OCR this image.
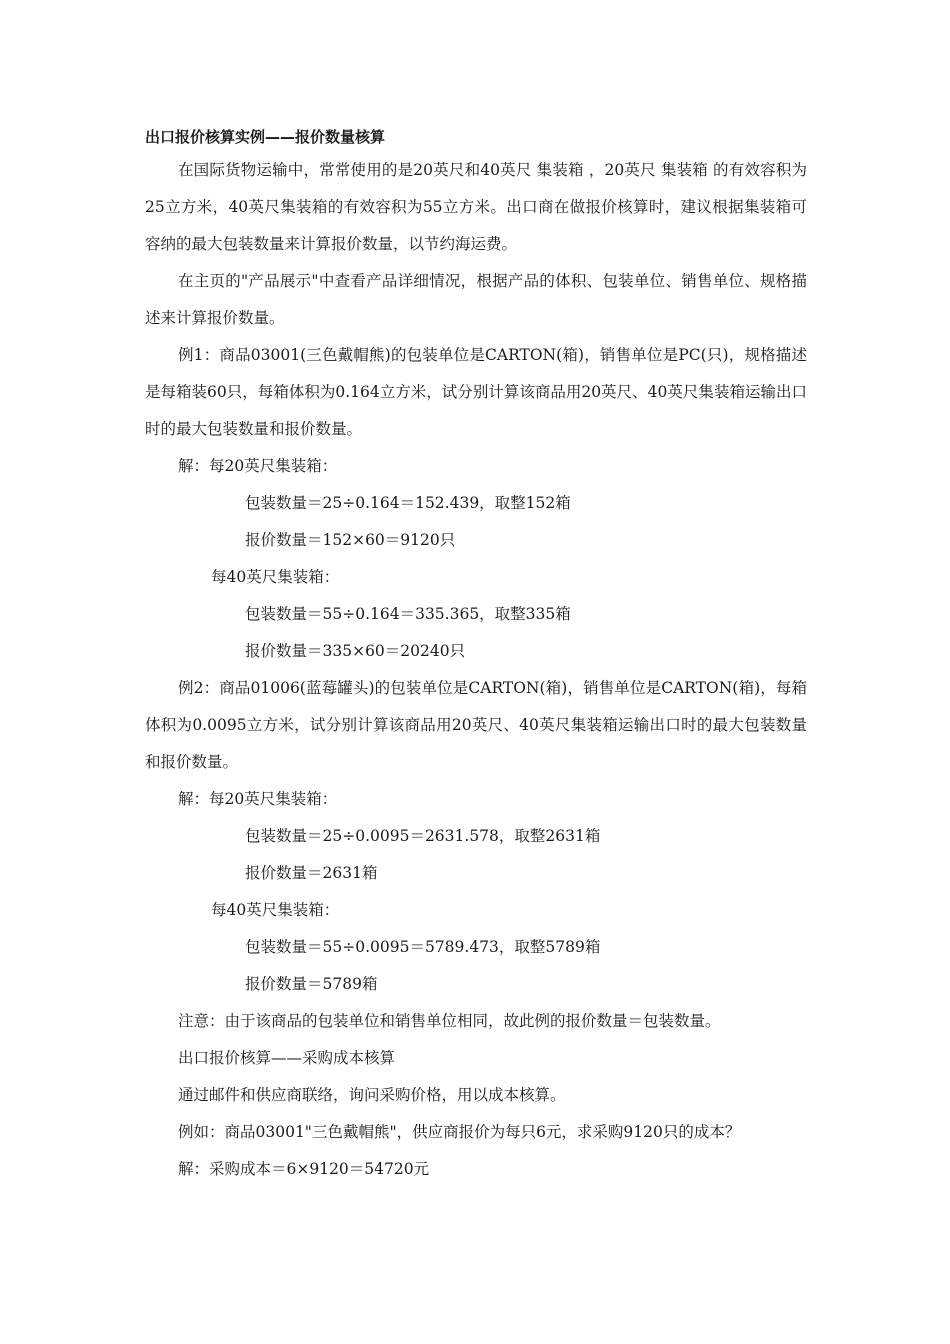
出口报价核算实例——报价数量核算

在国际货物运输中，常常使用的是20英尺和40英尺 集装箱 ，20英尺 集装箱 的有效容积为25立方米，40英尺集装箱的有效容积为55立方米。出口商在做报价核算时，建议根据集装箱可容纳的最大包装数量来计算报价数量，以节约海运费。

在主页的"产品展示"中查看产品详细情况，根据产品的体积、包装单位、销售单位、规格描述来计算报价数量。

例1：商品03001(三色戴帽熊)的包装单位是CARTON(箱)，销售单位是PC(只)，规格描述是每箱装60只，每箱体积为0.164立方米，试分别计算该商品用20英尺、40英尺集装箱运输出口时的最大包装数量和报价数量。

解：每20英尺集装箱：
包装数量＝25÷0.164＝152.439，取整152箱
报价数量＝152×60＝9120只
每40英尺集装箱：
包装数量＝55÷0.164＝335.365，取整335箱
报价数量＝335×60＝20240只

例2：商品01006(蓝莓罐头)的包装单位是CARTON(箱)，销售单位是CARTON(箱)，每箱体积为0.0095立方米，试分别计算该商品用20英尺、40英尺集装箱运输出口时的最大包装数量和报价数量。

解：每20英尺集装箱：
包装数量＝25÷0.0095＝2631.578，取整2631箱
报价数量＝2631箱
每40英尺集装箱：
包装数量＝55÷0.0095＝5789.473，取整5789箱
报价数量＝5789箱
注意：由于该商品的包装单位和销售单位相同，故此例的报价数量＝包装数量。
出口报价核算——采购成本核算
通过邮件和供应商联络，询问采购价格，用以成本核算。
例如：商品03001"三色戴帽熊"，供应商报价为每只6元，求采购9120只的成本？
解：采购成本＝6×9120＝54720元
